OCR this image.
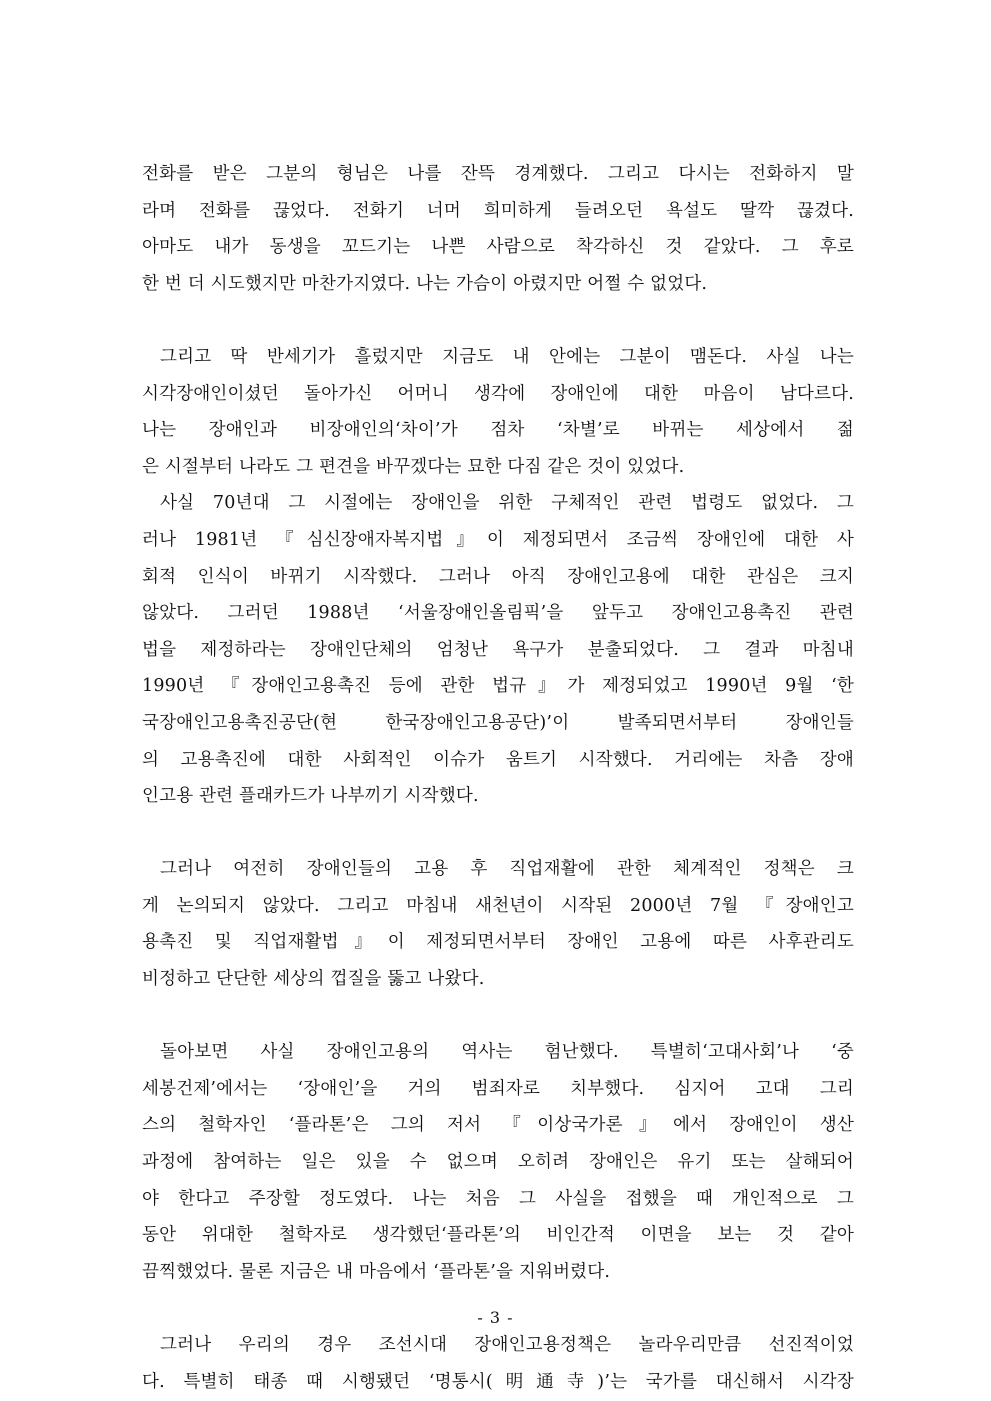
전화를 받은 그분의 형님은 나를 잔뜩 경계했다. 그리고 다시는 전화하지 말
라며 전화를 끊었다. 전화기 너머 희미하게 들려오던 욕설도 딸깍 끊겼다.
아마도 내가 동생을 꼬드기는 나쁜 사람으로 착각하신 것 같았다. 그 후로
한 번 더 시도했지만 마찬가지였다. 나는 가슴이 아렸지만 어쩔 수 없었다.
그리고 딱 반세기가 흘렀지만 지금도 내 안에는 그분이 맴돈다. 사실 나는
시각장애인이셨던 돌아가신 어머니 생각에 장애인에 대한 마음이 남다르다.
나는 장애인과 비장애인의‘차이’가 점차 ‘차별’로 바뀌는 세상에서 젊
은 시절부터 나라도 그 편견을 바꾸겠다는 묘한 다짐 같은 것이 있었다.
사실 70년대 그 시절에는 장애인을 위한 구체적인 관련 법령도 없었다. 그
러나 1981년 『심신장애자복지법』이 제정되면서 조금씩 장애인에 대한 사
회적 인식이 바뀌기 시작했다. 그러나 아직 장애인고용에 대한 관심은 크지
않았다. 그러던 1988년 ‘서울장애인올림픽’을 앞두고 장애인고용촉진 관련
법을 제정하라는 장애인단체의 엄청난 욕구가 분출되었다. 그 결과 마침내
1990년 『장애인고용촉진 등에 관한 법규』가 제정되었고 1990년 9월 ‘한
국장애인고용촉진공단(현 한국장애인고용공단)’이 발족되면서부터 장애인들
의 고용촉진에 대한 사회적인 이슈가 움트기 시작했다. 거리에는 차츰 장애
인고용 관련 플래카드가 나부끼기 시작했다.
그러나 여전히 장애인들의 고용 후 직업재활에 관한 체계적인 정책은 크
게 논의되지 않았다. 그리고 마침내 새천년이 시작된 2000년 7월 『장애인고
용촉진 및 직업재활법』이 제정되면서부터 장애인 고용에 따른 사후관리도
비정하고 단단한 세상의 껍질을 뚫고 나왔다.
돌아보면 사실 장애인고용의 역사는 험난했다. 특별히‘고대사회’나 ‘중
세봉건제’에서는 ‘장애인’을 거의 범죄자로 치부했다. 심지어 고대 그리
스의 철학자인 ‘플라톤’은 그의 저서 『이상국가론』에서 장애인이 생산
과정에 참여하는 일은 있을 수 없으며 오히려 장애인은 유기 또는 살해되어
야 한다고 주장할 정도였다. 나는 처음 그 사실을 접했을 때 개인적으로 그
동안 위대한 철학자로 생각했던‘플라톤’의 비인간적 이면을 보는 것 같아
끔찍했었다. 물론 지금은 내 마음에서 ‘플라톤’을 지워버렸다.
그러나 우리의 경우 조선시대 장애인고용정책은 놀라우리만큼 선진적이었
다. 특별히 태종 때 시행됐던 ‘명통시(明通寺)’는 국가를 대신해서 시각장
- 3 -
